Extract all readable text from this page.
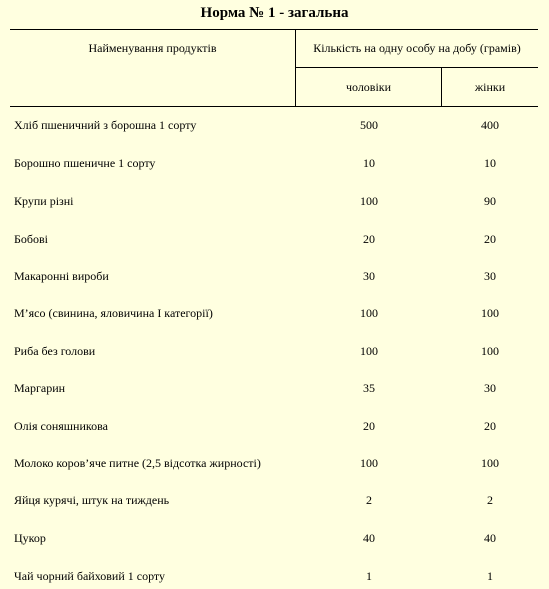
Норма № 1 - загальна
Найменування продуктів	Кількість на одну особу на добу (грамів)
чоловіки	жінки
Хліб пшеничний з борошна 1 сорту	500	400
Борошно пшеничне 1 сорту	10	10
Крупи різні	100	90
Бобові	20	20
Макаронні вироби	30	30
М’ясо (свинина, яловичина І категорії)	100	100
Риба без голови	100	100
Маргарин	35	30
Олія соняшникова	20	20
Молоко коров’яче питне (2,5 відсотка жирності)	100	100
Яйця курячі, штук на тиждень	2	2
Цукор	40	40
Чай чорний байховий 1 сорту	1	1
